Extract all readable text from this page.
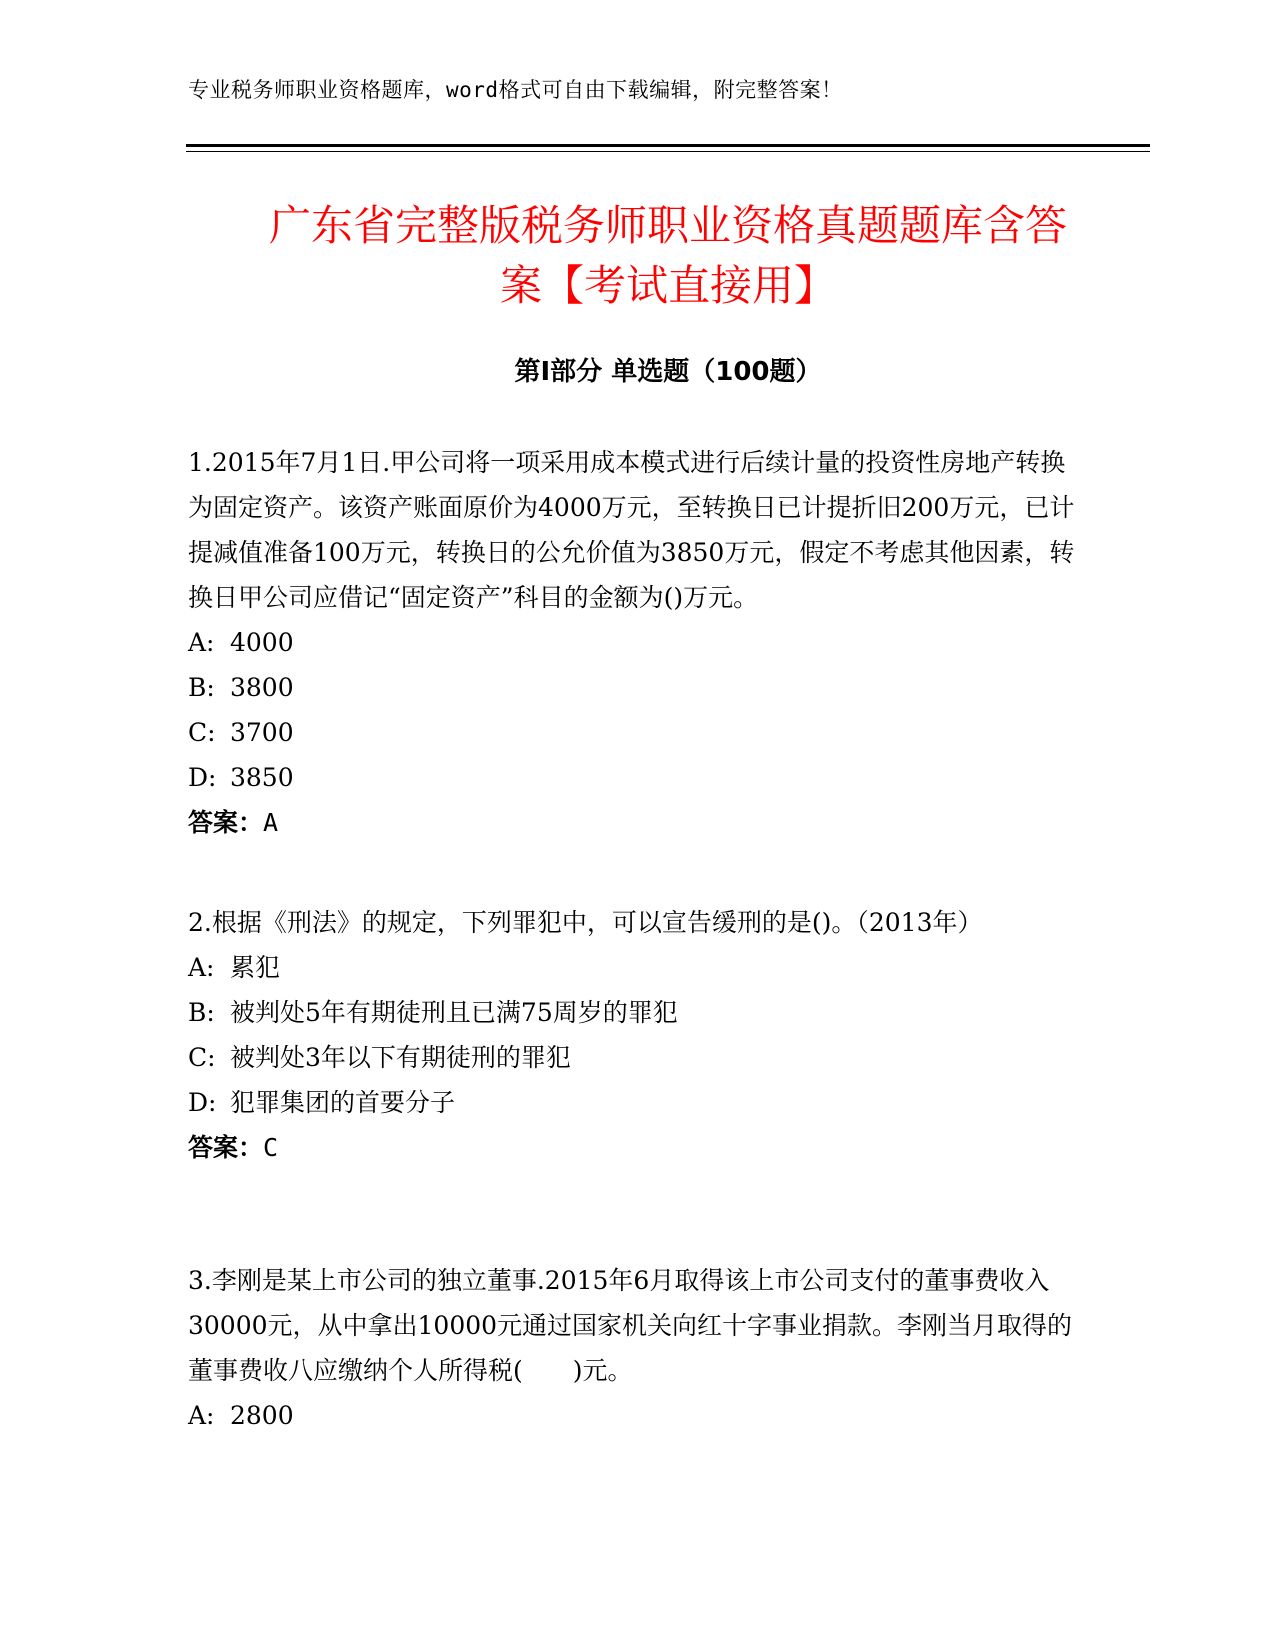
专业税务师职业资格题库，word格式可自由下载编辑，附完整答案！
广东省完整版税务师职业资格真题题库含答
案【考试直接用】
第Ⅰ部分 单选题（100题）

1.2015年7月1日.甲公司将一项采用成本模式进行后续计量的投资性房地产转换为固定资产。该资产账面原价为4000万元，至转换日已计提折旧200万元，已计提减值准备100万元，转换日的公允价值为3850万元，假定不考虑其他因素，转换日甲公司应借记“固定资产”科目的金额为()万元。

A: 4000

B: 3800

C: 3700

D: 3850

答案：A

2.根据《刑法》的规定，下列罪犯中，可以宣告缓刑的是()。（2013年）

A: 累犯

B: 被判处5年有期徒刑且已满75周岁的罪犯

C: 被判处3年以下有期徒刑的罪犯

D: 犯罪集团的首要分子

答案：C

3.李刚是某上市公司的独立董事.2015年6月取得该上市公司支付的董事费收入30000元，从中拿出10000元通过国家机关向红十字事业捐款。李刚当月取得的董事费收八应缴纳个人所得税(　　)元。

A: 2800
